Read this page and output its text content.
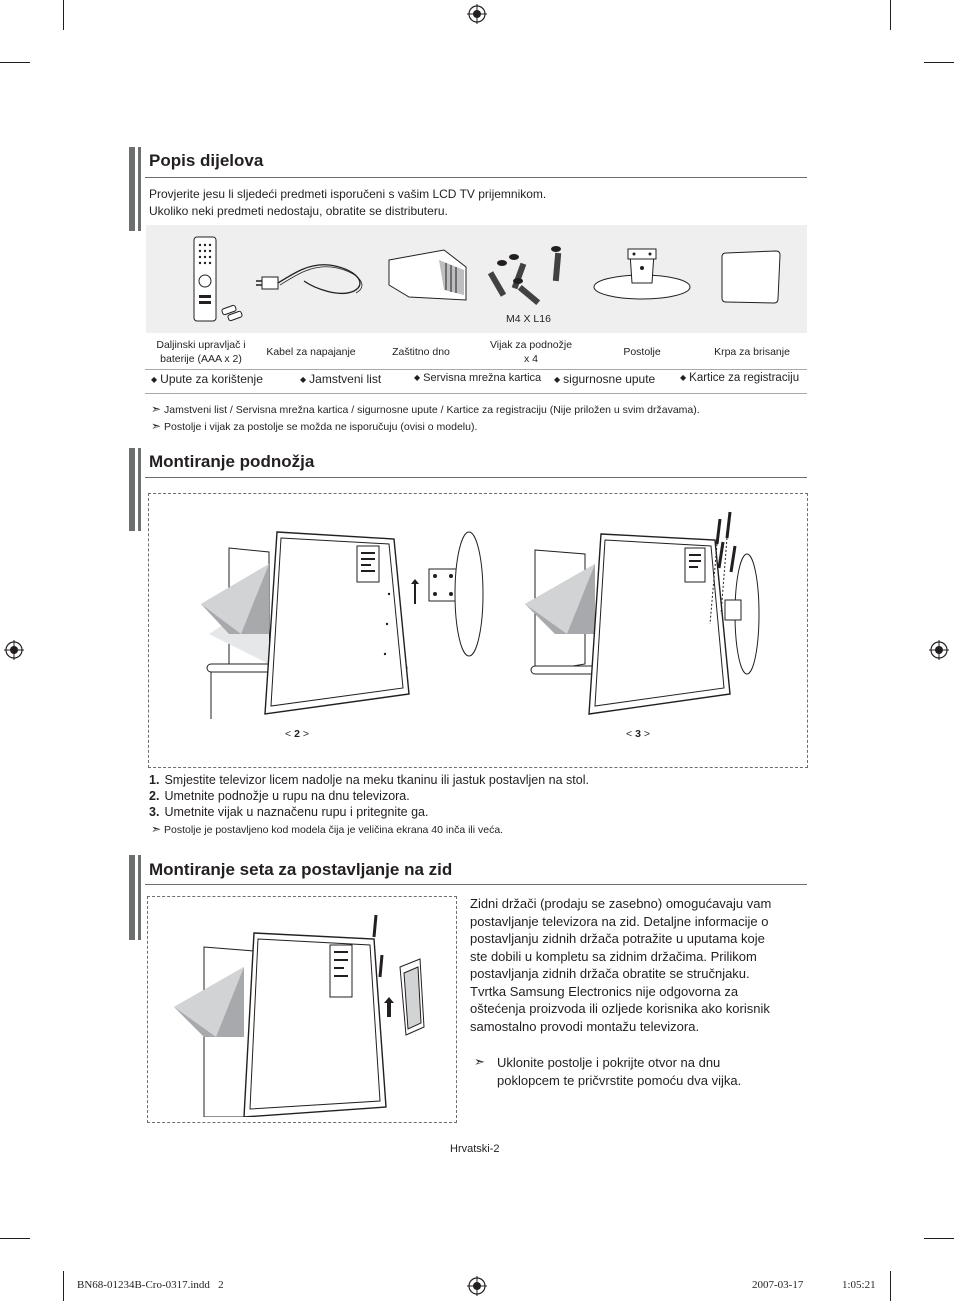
Popis dijelova
Provjerite jesu li sljedeći predmeti isporučeni s vašim LCD TV prijemnikom.
Ukoliko neki predmeti nedostaju, obratite se distributeru.
M4 X L16
Daljinski upravljač i
baterije (AAA x 2)
Kabel za napajanje	Zaštitno dno
Vijak za podnožje
x 4
Postolje	Krpa za brisanje
◆ Upute za korištenje	◆ Jamstveni list	◆ Servisna mrežna kartica ◆ sigurnosne upute	◆ Kartice za registraciju
➣ Jamstveni list / Servisna mrežna kartica / sigurnosne upute / Kartice za registraciju (Nije priložen u svim državama).
➣ Postolje i vijak za postolje se možda ne isporučuju (ovisi o modelu).
Montiranje podnožja
< 2 >	< 3 >
1. Smjestite televizor licem nadolje na meku tkaninu ili jastuk postavljen na stol.
2. Umetnite podnožje u rupu na dnu televizora.
3. Umetnite vijak u naznačenu rupu i pritegnite ga.
➣ Postolje je postavljeno kod modela čija je veličina ekrana 40 inča ili veća.
Montiranje seta za postavljanje na zid
Zidni držači (prodaju se zasebno) omogućavaju vam
postavljanje televizora na zid. Detaljne informacije o
postavljanju zidnih držača potražite u uputama koje
ste dobili u kompletu sa zidnim držačima. Prilikom
postavljanja zidnih držača obratite se stručnjaku.
Tvrtka Samsung Electronics nije odgovorna za
oštećenja proizvoda ili ozljede korisnika ako korisnik
samostalno provodi montažu televizora.
➣ Uklonite postolje i pokrijte otvor na dnu
poklopcem te pričvrstite pomoću dva vijka.
Hrvatski-2
BN68-01234B-Cro-0317.indd   2	2007-03-17	1:05:21
